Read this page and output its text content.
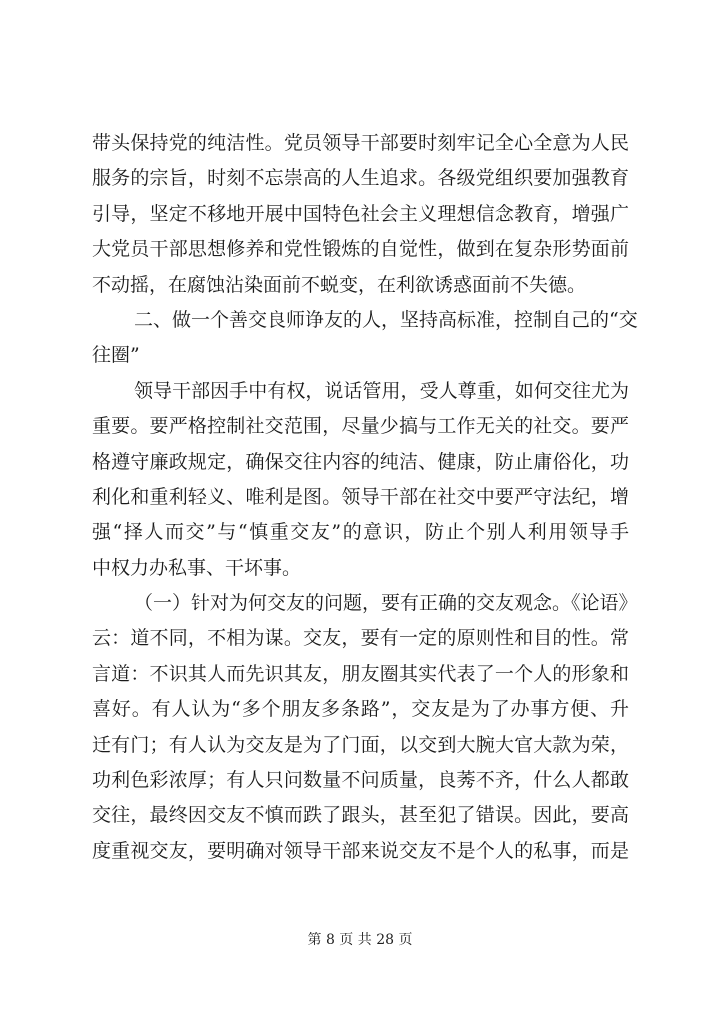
带头保持党的纯洁性。党员领导干部要时刻牢记全心全意为人民
服务的宗旨，时刻不忘崇高的人生追求。各级党组织要加强教育
引导，坚定不移地开展中国特色社会主义理想信念教育，增强广
大党员干部思想修养和党性锻炼的自觉性，做到在复杂形势面前
不动摇，在腐蚀沾染面前不蜕变，在利欲诱惑面前不失德。
二、做一个善交良师诤友的人，坚持高标准，控制自己的“交
往圈”
领导干部因手中有权，说话管用，受人尊重，如何交往尤为
重要。要严格控制社交范围，尽量少搞与工作无关的社交。要严
格遵守廉政规定，确保交往内容的纯洁、健康，防止庸俗化，功
利化和重利轻义、唯利是图。领导干部在社交中要严守法纪，增
强“择人而交”与“慎重交友”的意识，防止个别人利用领导手
中权力办私事、干坏事。
（一）针对为何交友的问题，要有正确的交友观念。《论语》
云：道不同，不相为谋。交友，要有一定的原则性和目的性。常
言道：不识其人而先识其友，朋友圈其实代表了一个人的形象和
喜好。有人认为“多个朋友多条路”，交友是为了办事方便、升
迁有门；有人认为交友是为了门面，以交到大腕大官大款为荣，
功利色彩浓厚；有人只问数量不问质量，良莠不齐，什么人都敢
交往，最终因交友不慎而跌了跟头，甚至犯了错误。因此，要高
度重视交友，要明确对领导干部来说交友不是个人的私事，而是
第 8 页 共 28 页
